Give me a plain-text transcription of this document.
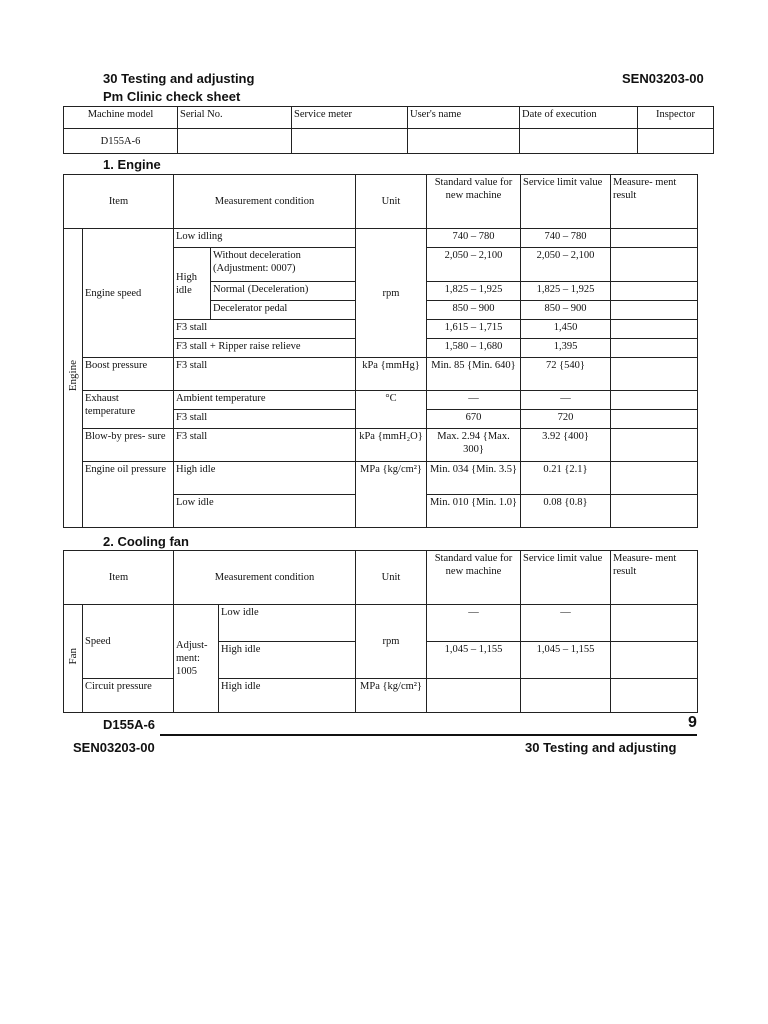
30 Testing and adjusting	SEN03203-00
Pm Clinic check sheet
Machine model	Serial No.	Service meter	User's name	Date of execution	Inspector
D155A-6					
1. Engine
Item		Measurement condition		Unit	Standard value for new machine	Service limit value	Measure- ment result
Engine	Engine speed	Low idling		rpm	740 – 780	740 – 780	
		High idle	Without deceleration (Adjustment: 0007)		2,050 – 2,100	2,050 – 2,100	
			Normal (Deceleration)		1,825 – 1,925	1,825 – 1,925	
			Decelerator pedal		850 – 900	850 – 900	
		F3 stall			1,615 – 1,715	1,450	
		F3 stall + Ripper raise relieve			1,580 – 1,680	1,395	
	Boost pressure	F3 stall		kPa {mmHg}	Min. 85 {Min. 640}	72 {540}	
	Exhaust temperature	Ambient temperature		°C	—	—	
		F3 stall			670	720	
	Blow-by pres- sure	F3 stall		kPa {mmH₂O}	Max. 2.94 {Max. 300}	3.92 {400}	
	Engine oil pressure	High idle		MPa {kg/cm²}	Min. 034 {Min. 3.5}	0.21 {2.1}	
		Low idle			Min. 010 {Min. 1.0}	0.08 {0.8}	
2. Cooling fan
Item		Measurement condition		Unit	Standard value for new machine	Service limit value	Measure- ment result
Fan	Speed	Adjust- ment: 1005	Low idle	rpm	—	—	
			High idle		1,045 – 1,155	1,045 – 1,155	
	Circuit pressure		High idle	MPa {kg/cm²}			
D155A-6	9
SEN03203-00	30 Testing and adjusting
